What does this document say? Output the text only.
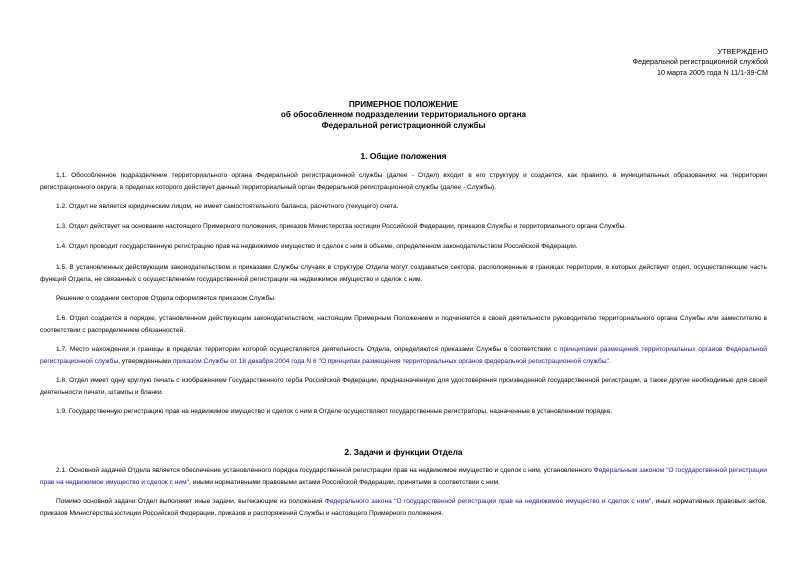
УТВЕРЖДЕНО
Федеральной регистрационной службой
10 марта 2005 года N 11/1-39-СМ
ПРИМЕРНОЕ ПОЛОЖЕНИЕ
об обособленном подразделении территориального органа
Федеральной регистрационной службы
1. Общие положения
1.1. Обособленное подразделение территориального органа Федеральной регистрационной службы (далее - Отдел) входит в его структуру и создается, как правило, в муниципальных образованиях на территории регистрационного округа, в пределах которого действует данный территориальный орган Федеральной регистрационной службы (далее - Службы).
1.2. Отдел не является юридическим лицом, не имеет самостоятельного баланса, расчетного (текущего) счета.
1.3. Отдел действует на основании настоящего Примерного положения, приказов Министерства юстиции Российской Федерации, приказов Службы и территориального органа Службы.
1.4. Отдел проводит государственную регистрацию прав на недвижимое имущество и сделок с ним в объеме, определенном законодательством Российской Федерации.
1.5. В установленных действующим законодательством и приказами Службы случаях в структуре Отдела могут создаваться сектора, расположенные в границах территории, в которых действует отдел, осуществляющие часть функций Отдела, не связанных с осуществлением государственной регистрации на недвижимое имущество и сделок с ним.
Решение о создании секторов Отдела оформляется приказом Службы.
1.6. Отдел создается в порядке, установленном действующим законодательством, настоящим Примерным Положением и подчиняется в своей деятельности руководителю территориального органа Службы или заместителю в соответствии с распределением обязанностей.
1.7. Место нахождения и границы в пределах территории которой осуществляется деятельность Отдела, определяются приказами Службы в соответствии с принципами размещения территориальных органов Федеральной регистрационной службы, утвержденными приказом Службы от 18 декабря 2004 года N 6 "О принципах размещения территориальных органов федеральной регистрационной службы".
1.8. Отдел имеет одну круглую печать с изображением Государственного герба Российской Федерации, предназначенную для удостоверения произведенной государственной регистрации, а также другие необходимые для своей деятельности печати, штампы и бланки.
1.9. Государственную регистрацию прав на недвижимое имущество и сделок с ним в Отделе осуществляют государственные регистраторы, назначенные в установленном порядке.
2. Задачи и функции Отдела
2.1. Основной задачей Отдела является обеспечение установленного порядка государственной регистрации прав на недвижимое имущество и сделок с ним, установленного Федеральным законом "О государственной регистрации прав на недвижимое имущество и сделок с ним", иными нормативными правовыми актами Российской Федерации, принятыми в соответствии с ним.
Помимо основной задачи Отдел выполняет иные задачи, вытекающие из положений Федерального закона "О государственной регистрации прав на недвижимое имущество и сделок с ним", иных нормативных правовых актов, приказов Министерства юстиции Российской Федерации, приказов и распоряжений Службы и настоящего Примерного положения.
